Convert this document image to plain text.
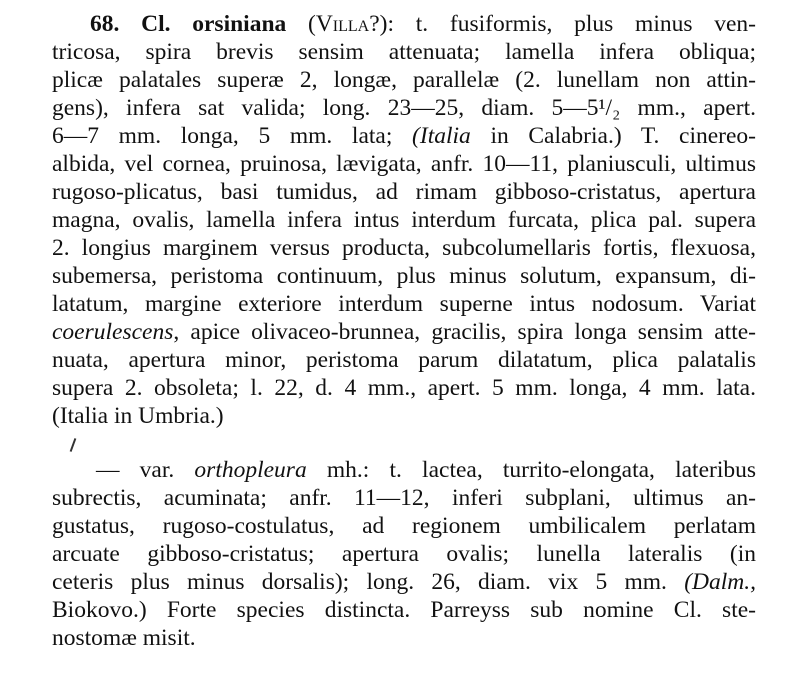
68. Cl. orsiniana (Villa?): t. fusiformis, plus minus ven-
tricosa, spira brevis sensim attenuata; lamella infera obliqua;
plicæ palatales superæ 2, longæ, parallelæ (2. lunellam non attin-
gens), infera sat valida; long. 23—25, diam. 5—5¹/₂ mm., apert.
6—7 mm. longa, 5 mm. lata; (Italia in Calabria.) T. cinereo-
albida, vel cornea, pruinosa, lævigata, anfr. 10—11, planiusculi, ultimus
rugoso-plicatus, basi tumidus, ad rimam gibboso-cristatus, apertura
magna, ovalis, lamella infera intus interdum furcata, plica pal. supera
2. longius marginem versus producta, subcolumellaris fortis, flexuosa,
subemersa, peristoma continuum, plus minus solutum, expansum, di-
latatum, margine exteriore interdum superne intus nodosum. Variat
coerulescens, apice olivaceo-brunnea, gracilis, spira longa sensim atte-
nuata, apertura minor, peristoma parum dilatatum, plica palatalis
supera 2. obsoleta; l. 22, d. 4 mm., apert. 5 mm. longa, 4 mm. lata.
(Italia in Umbria.)
— var. orthopleura mh.: t. lactea, turrito-elongata, lateribus
subrectis, acuminata; anfr. 11—12, inferi subplani, ultimus an-
gustatus, rugoso-costulatus, ad regionem umbilicalem perlatam
arcuate gibboso-cristatus; apertura ovalis; lunella lateralis (in
ceteris plus minus dorsalis); long. 26, diam. vix 5 mm. (Dalm.,
Biokovo.) Forte species distincta. Parreyss sub nomine Cl. ste-
nostomæ misit.
